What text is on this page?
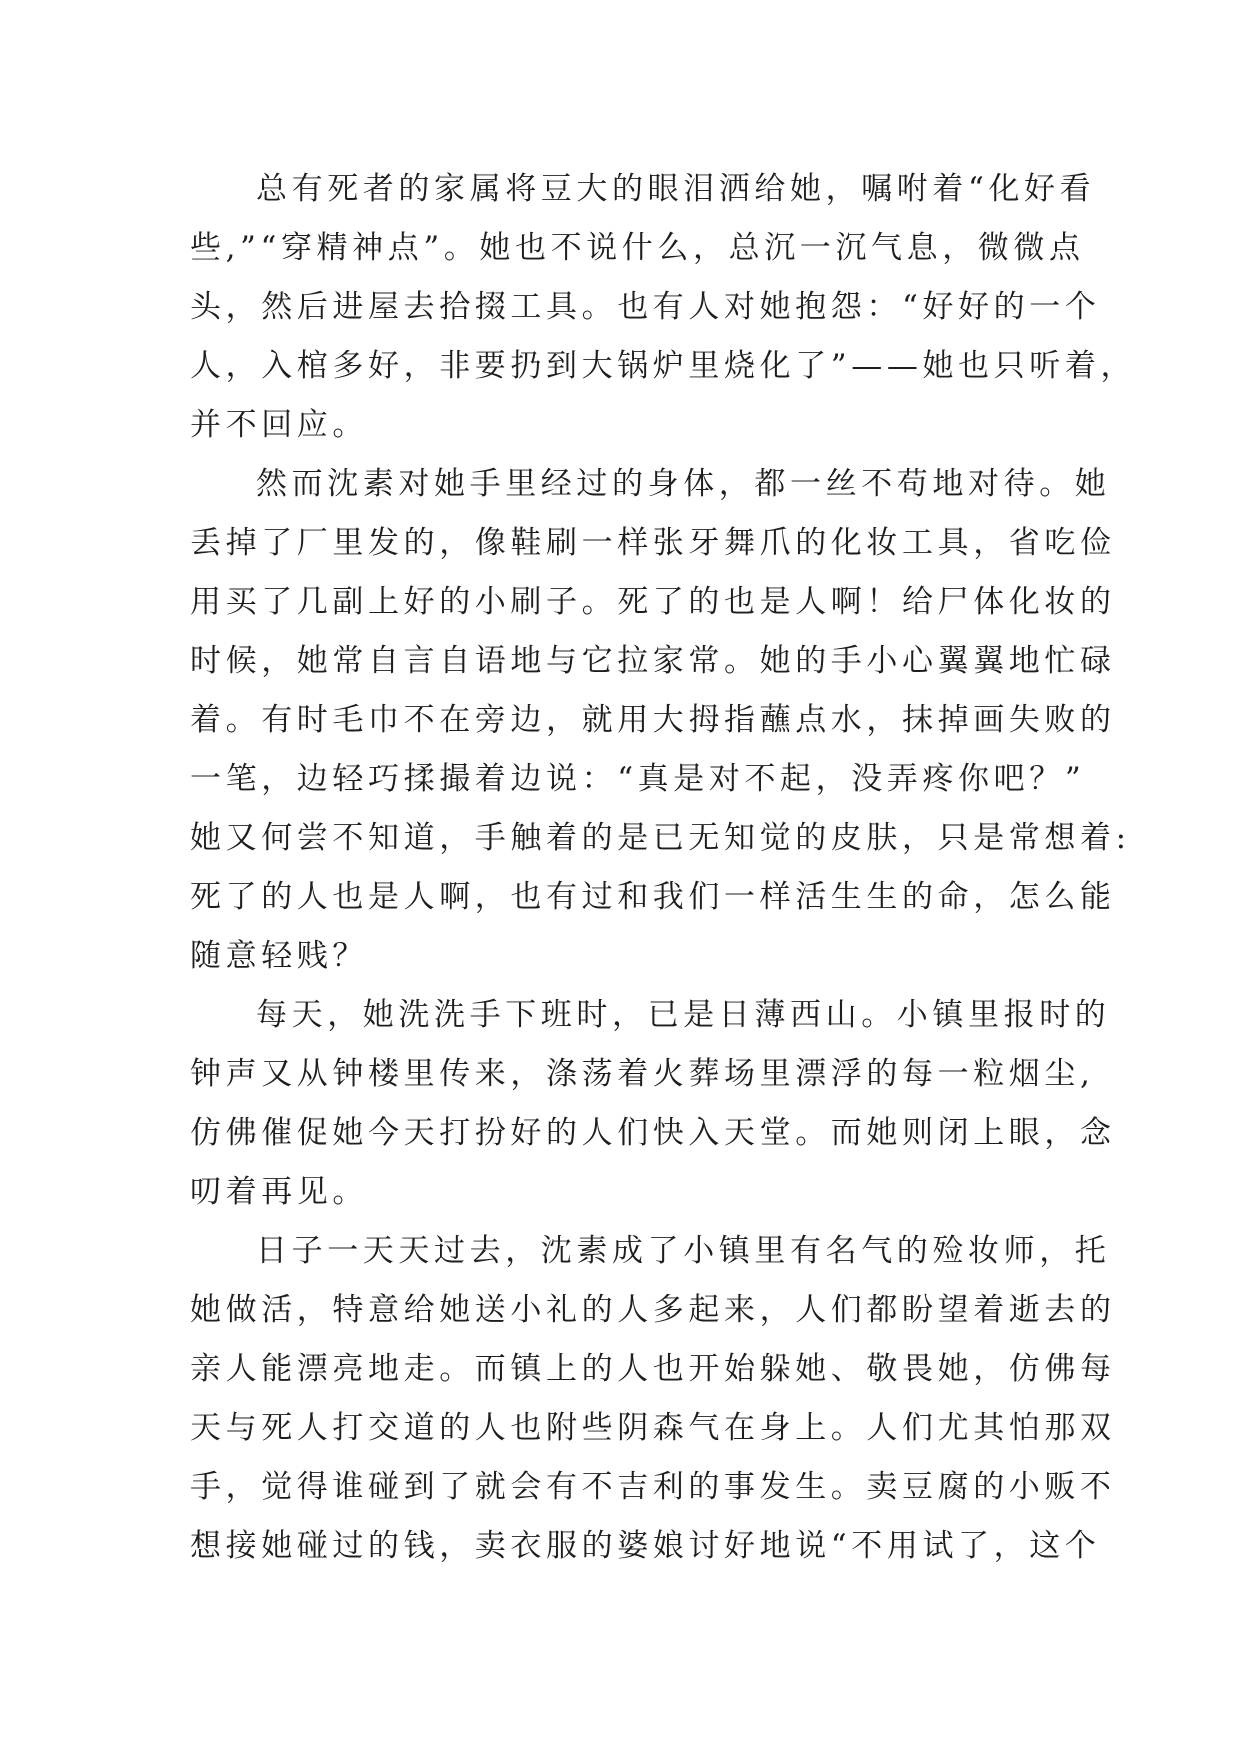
总有死者的家属将豆大的眼泪洒给她，嘱咐着“化好看
些,”“穿精神点”。她也不说什么，总沉一沉气息，微微点
头，然后进屋去拾掇工具。也有人对她抱怨：“好好的一个
人，入棺多好，非要扔到大锅炉里烧化了”——她也只听着，
并不回应。
然而沈素对她手里经过的身体，都一丝不苟地对待。她
丢掉了厂里发的，像鞋刷一样张牙舞爪的化妆工具，省吃俭
用买了几副上好的小刷子。死了的也是人啊！给尸体化妆的
时候，她常自言自语地与它拉家常。她的手小心翼翼地忙碌
着。有时毛巾不在旁边，就用大拇指蘸点水，抹掉画失败的
一笔，边轻巧揉撮着边说：“真是对不起，没弄疼你吧？”
她又何尝不知道，手触着的是已无知觉的皮肤，只是常想着:
死了的人也是人啊，也有过和我们一样活生生的命，怎么能
随意轻贱？
每天，她洗洗手下班时，已是日薄西山。小镇里报时的
钟声又从钟楼里传来，涤荡着火葬场里漂浮的每一粒烟尘,
仿佛催促她今天打扮好的人们快入天堂。而她则闭上眼，念
叨着再见。
日子一天天过去，沈素成了小镇里有名气的殓妆师，托
她做活，特意给她送小礼的人多起来，人们都盼望着逝去的
亲人能漂亮地走。而镇上的人也开始躲她、敬畏她，仿佛每
天与死人打交道的人也附些阴森气在身上。人们尤其怕那双
手，觉得谁碰到了就会有不吉利的事发生。卖豆腐的小贩不
想接她碰过的钱，卖衣服的婆娘讨好地说“不用试了，这个
